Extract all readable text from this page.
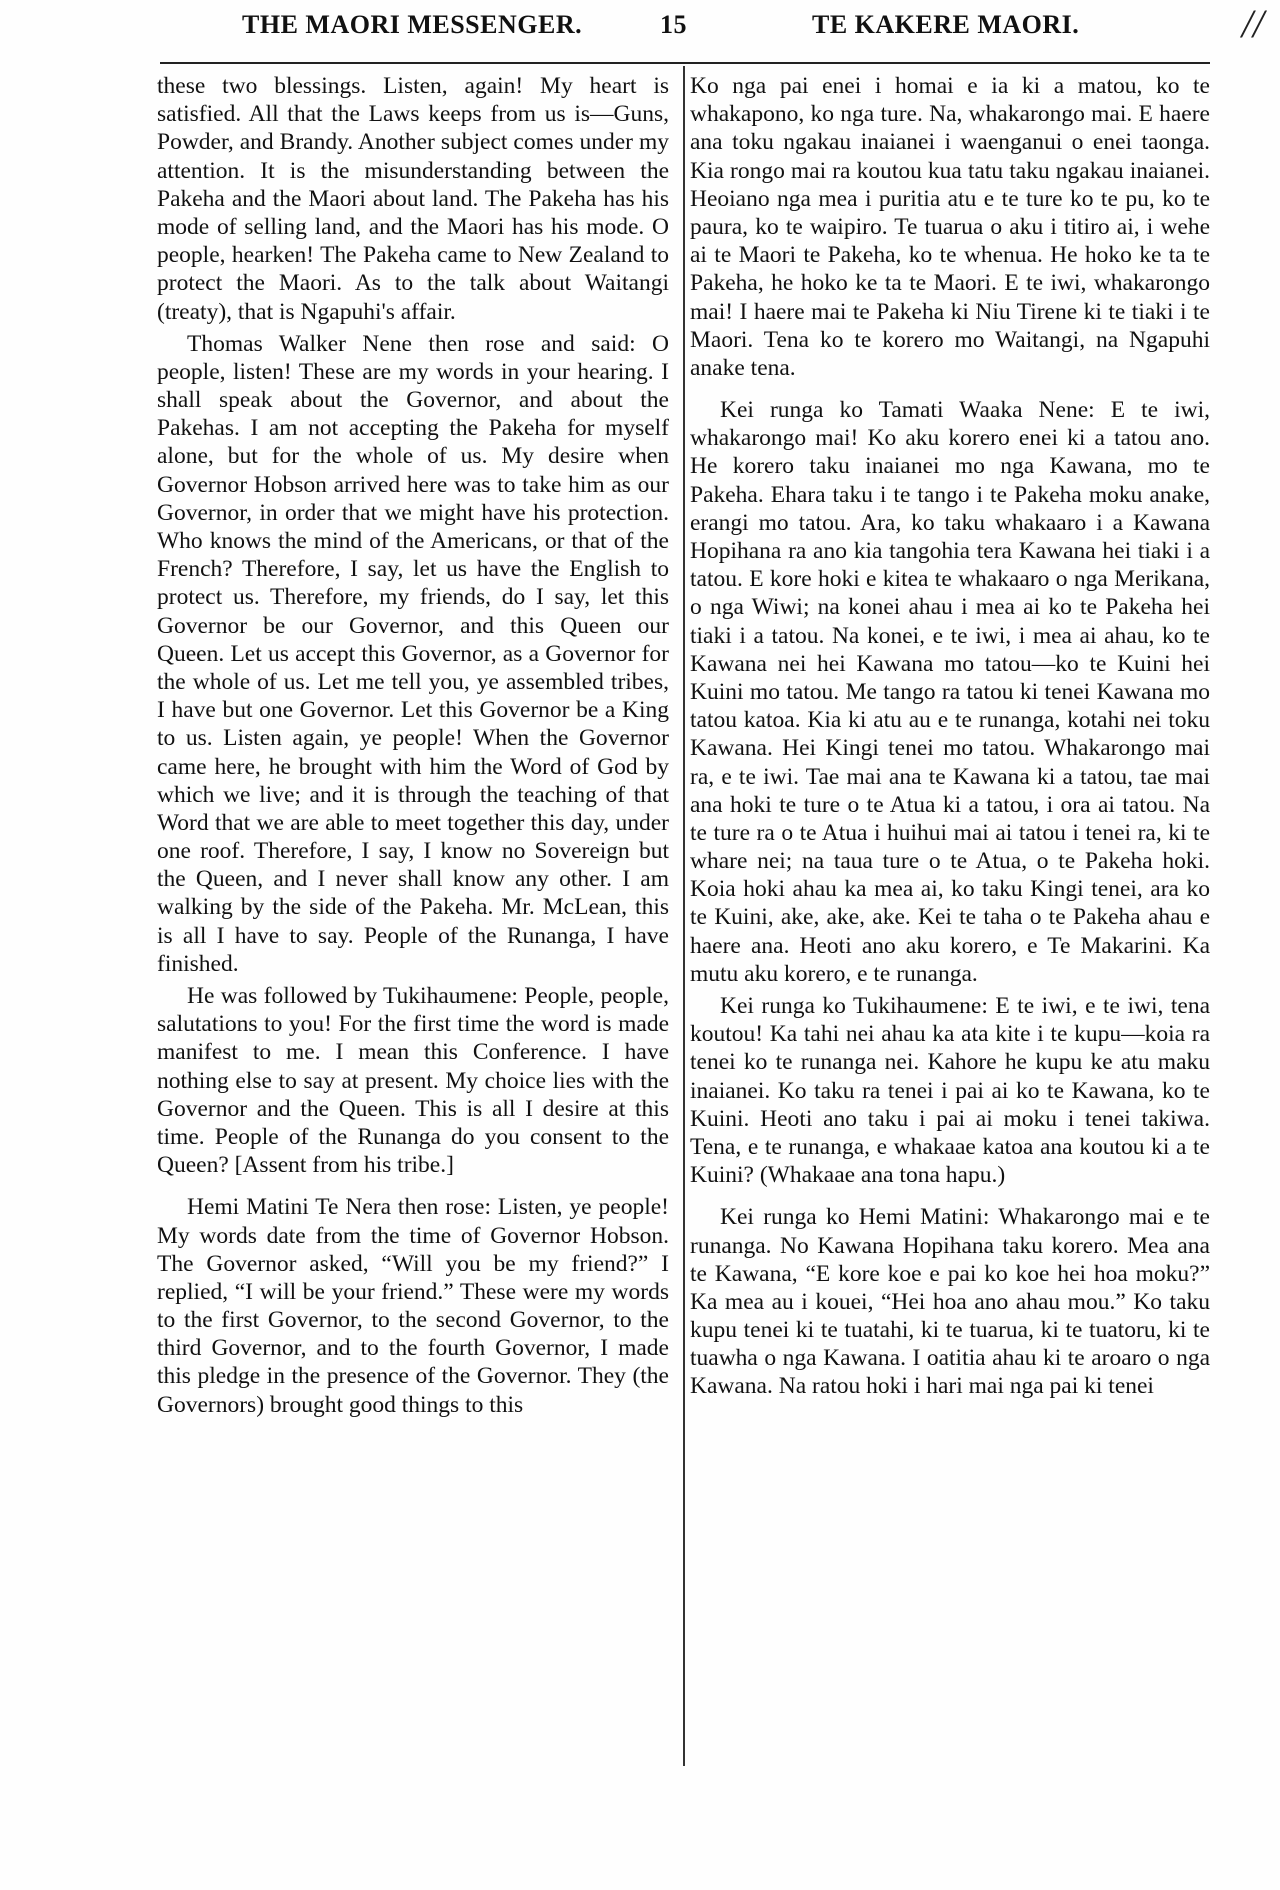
THE MAORI MESSENGER.	15	TE KAKERE MAORI.	//

these two blessings. Listen, again! My heart is satisfied. All that the Laws keeps from us is—Guns, Powder, and Brandy. Another subject comes under my attention. It is the misunderstanding between the Pakeha and the Maori about land. The Pakeha has his mode of selling land, and the Maori has his mode. O people, hearken! The Pakeha came to New Zealand to protect the Maori. As to the talk about Waitangi (treaty), that is Ngapuhi's affair.

Thomas Walker Nene then rose and said: O people, listen! These are my words in your hearing. I shall speak about the Governor, and about the Pakehas. I am not accepting the Pakeha for myself alone, but for the whole of us. My desire when Governor Hobson arrived here was to take him as our Governor, in order that we might have his protection. Who knows the mind of the Americans, or that of the French? Therefore, I say, let us have the English to protect us. Therefore, my friends, do I say, let this Governor be our Governor, and this Queen our Queen. Let us accept this Governor, as a Governor for the whole of us. Let me tell you, ye assembled tribes, I have but one Governor. Let this Governor be a King to us. Listen again, ye people! When the Governor came here, he brought with him the Word of God by which we live; and it is through the teaching of that Word that we are able to meet together this day, under one roof. Therefore, I say, I know no Sovereign but the Queen, and I never shall know any other. I am walking by the side of the Pakeha. Mr. McLean, this is all I have to say. People of the Runanga, I have finished.

He was followed by Tukihaumene: People, people, salutations to you! For the first time the word is made manifest to me. I mean this Conference. I have nothing else to say at present. My choice lies with the Governor and the Queen. This is all I desire at this time. People of the Runanga do you consent to the Queen? [Assent from his tribe.]

Hemi Matini Te Nera then rose: Listen, ye people! My words date from the time of Governor Hobson. The Governor asked, “Will you be my friend?” I replied, “I will be your friend.” These were my words to the first Governor, to the second Governor, to the third Governor, and to the fourth Governor, I made this pledge in the presence of the Governor. They (the Governors) brought good things to this

Ko nga pai enei i homai e ia ki a matou, ko te whakapono, ko nga ture. Na, whakarongo mai. E haere ana toku ngakau inaianei i waenganui o enei taonga. Kia rongo mai ra koutou kua tatu taku ngakau inaianei. Heoiano nga mea i puritia atu e te ture ko te pu, ko te paura, ko te waipiro. Te tuarua o aku i titiro ai, i wehe ai te Maori te Pakeha, ko te whenua. He hoko ke ta te Pakeha, he hoko ke ta te Maori. E te iwi, whakarongo mai! I haere mai te Pakeha ki Niu Tirene ki te tiaki i te Maori. Tena ko te korero mo Waitangi, na Ngapuhi anake tena.

Kei runga ko Tamati Waaka Nene: E te iwi, whakarongo mai! Ko aku korero enei ki a tatou ano. He korero taku inaianei mo nga Kawana, mo te Pakeha. Ehara taku i te tango i te Pakeha moku anake, erangi mo tatou. Ara, ko taku whakaaro i a Kawana Hopihana ra ano kia tangohia tera Kawana hei tiaki i a tatou. E kore hoki e kitea te whakaaro o nga Merikana, o nga Wiwi; na konei ahau i mea ai ko te Pakeha hei tiaki i a tatou. Na konei, e te iwi, i mea ai ahau, ko te Kawana nei hei Kawana mo tatou—ko te Kuini hei Kuini mo tatou. Me tango ra tatou ki tenei Kawana mo tatou katoa. Kia ki atu au e te runanga, kotahi nei toku Kawana. Hei Kingi tenei mo tatou. Whakarongo mai ra, e te iwi. Tae mai ana te Kawana ki a tatou, tae mai ana hoki te ture o te Atua ki a tatou, i ora ai tatou. Na te ture ra o te Atua i huihui mai ai tatou i tenei ra, ki te whare nei; na taua ture o te Atua, o te Pakeha hoki. Koia hoki ahau ka mea ai, ko taku Kingi tenei, ara ko te Kuini, ake, ake, ake. Kei te taha o te Pakeha ahau e haere ana. Heoti ano aku korero, e Te Makarini. Ka mutu aku korero, e te runanga.

Kei runga ko Tukihaumene: E te iwi, e te iwi, tena koutou! Ka tahi nei ahau ka ata kite i te kupu—koia ra tenei ko te runanga nei. Kahore he kupu ke atu maku inaianei. Ko taku ra tenei i pai ai ko te Kawana, ko te Kuini. Heoti ano taku i pai ai moku i tenei takiwa. Tena, e te runanga, e whakaae katoa ana koutou ki a te Kuini? (Whakaae ana tona hapu.)

Kei runga ko Hemi Matini: Whakarongo mai e te runanga. No Kawana Hopihana taku korero. Mea ana te Kawana, “E kore koe e pai ko koe hei hoa moku?” Ka mea au i kouei, “Hei hoa ano ahau mou.” Ko taku kupu tenei ki te tuatahi, ki te tuarua, ki te tuatoru, ki te tuawha o nga Kawana. I oatitia ahau ki te aroaro o nga Kawana. Na ratou hoki i hari mai nga pai ki tenei
